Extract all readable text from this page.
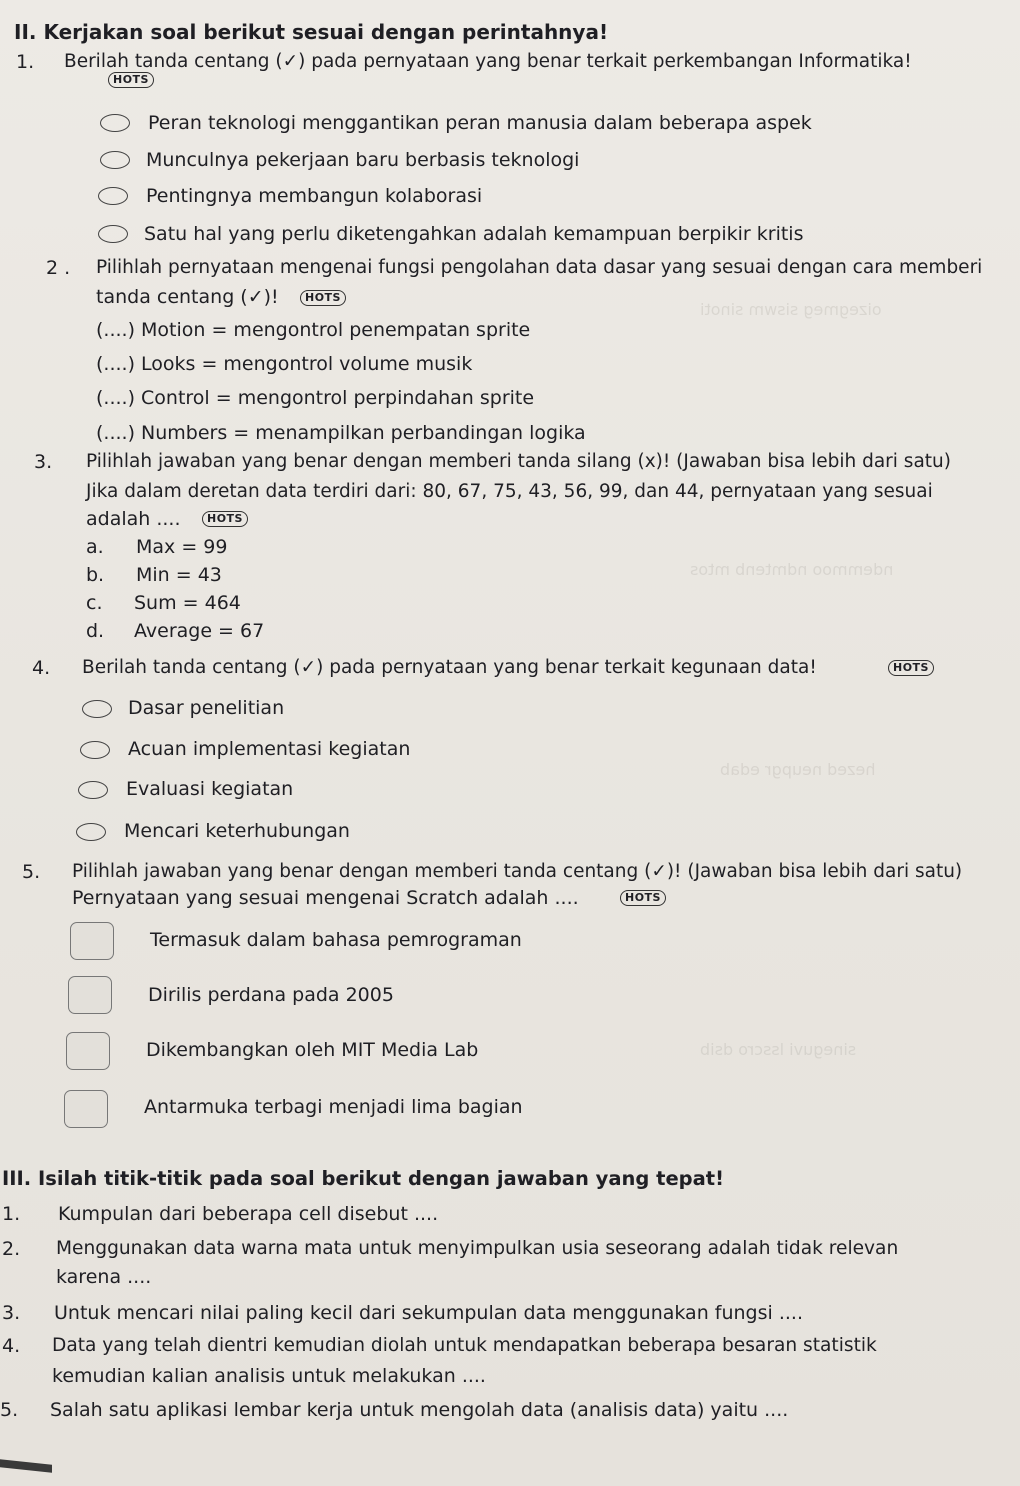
oizegmeg siswm sinoti
ndemmoo ndmtenb mtos
hezed neupgr edab
sineguvi lsscro dsib
II. Kerjakan soal berikut sesuai dengan perintahnya!
1. Berilah tanda centang (✓) pada pernyataan yang benar terkait perkembangan Informatika!
HOTS
Peran teknologi menggantikan peran manusia dalam beberapa aspek
Munculnya pekerjaan baru berbasis teknologi
Pentingnya membangun kolaborasi
Satu hal yang perlu diketengahkan adalah kemampuan berpikir kritis
2 . Pilihlah pernyataan mengenai fungsi pengolahan data dasar yang sesuai dengan cara memberi
tanda centang (✓)!	HOTS
(....) Motion = mengontrol penempatan sprite
(....) Looks = mengontrol volume musik
(....) Control = mengontrol perpindahan sprite
(....) Numbers = menampilkan perbandingan logika
3. Pilihlah jawaban yang benar dengan memberi tanda silang (x)! (Jawaban bisa lebih dari satu)
Jika dalam deretan data terdiri dari: 80, 67, 75, 43, 56, 99, dan 44, pernyataan yang sesuai
adalah ....	HOTS
a. Max = 99
b. Min = 43
c. Sum = 464
d. Average = 67
4. Berilah tanda centang (✓) pada pernyataan yang benar terkait kegunaan data!	HOTS
Dasar penelitian
Acuan implementasi kegiatan
Evaluasi kegiatan
Mencari keterhubungan
5. Pilihlah jawaban yang benar dengan memberi tanda centang (✓)! (Jawaban bisa lebih dari satu)
Pernyataan yang sesuai mengenai Scratch adalah ....	HOTS
Termasuk dalam bahasa pemrograman
Dirilis perdana pada 2005
Dikembangkan oleh MIT Media Lab
Antarmuka terbagi menjadi lima bagian
III. Isilah titik-titik pada soal berikut dengan jawaban yang tepat!
1. Kumpulan dari beberapa cell disebut ....
2. Menggunakan data warna mata untuk menyimpulkan usia seseorang adalah tidak relevan
karena ....
3. Untuk mencari nilai paling kecil dari sekumpulan data menggunakan fungsi ....
4. Data yang telah dientri kemudian diolah untuk mendapatkan beberapa besaran statistik
kemudian kalian analisis untuk melakukan ....
5. Salah satu aplikasi lembar kerja untuk mengolah data (analisis data) yaitu ....
